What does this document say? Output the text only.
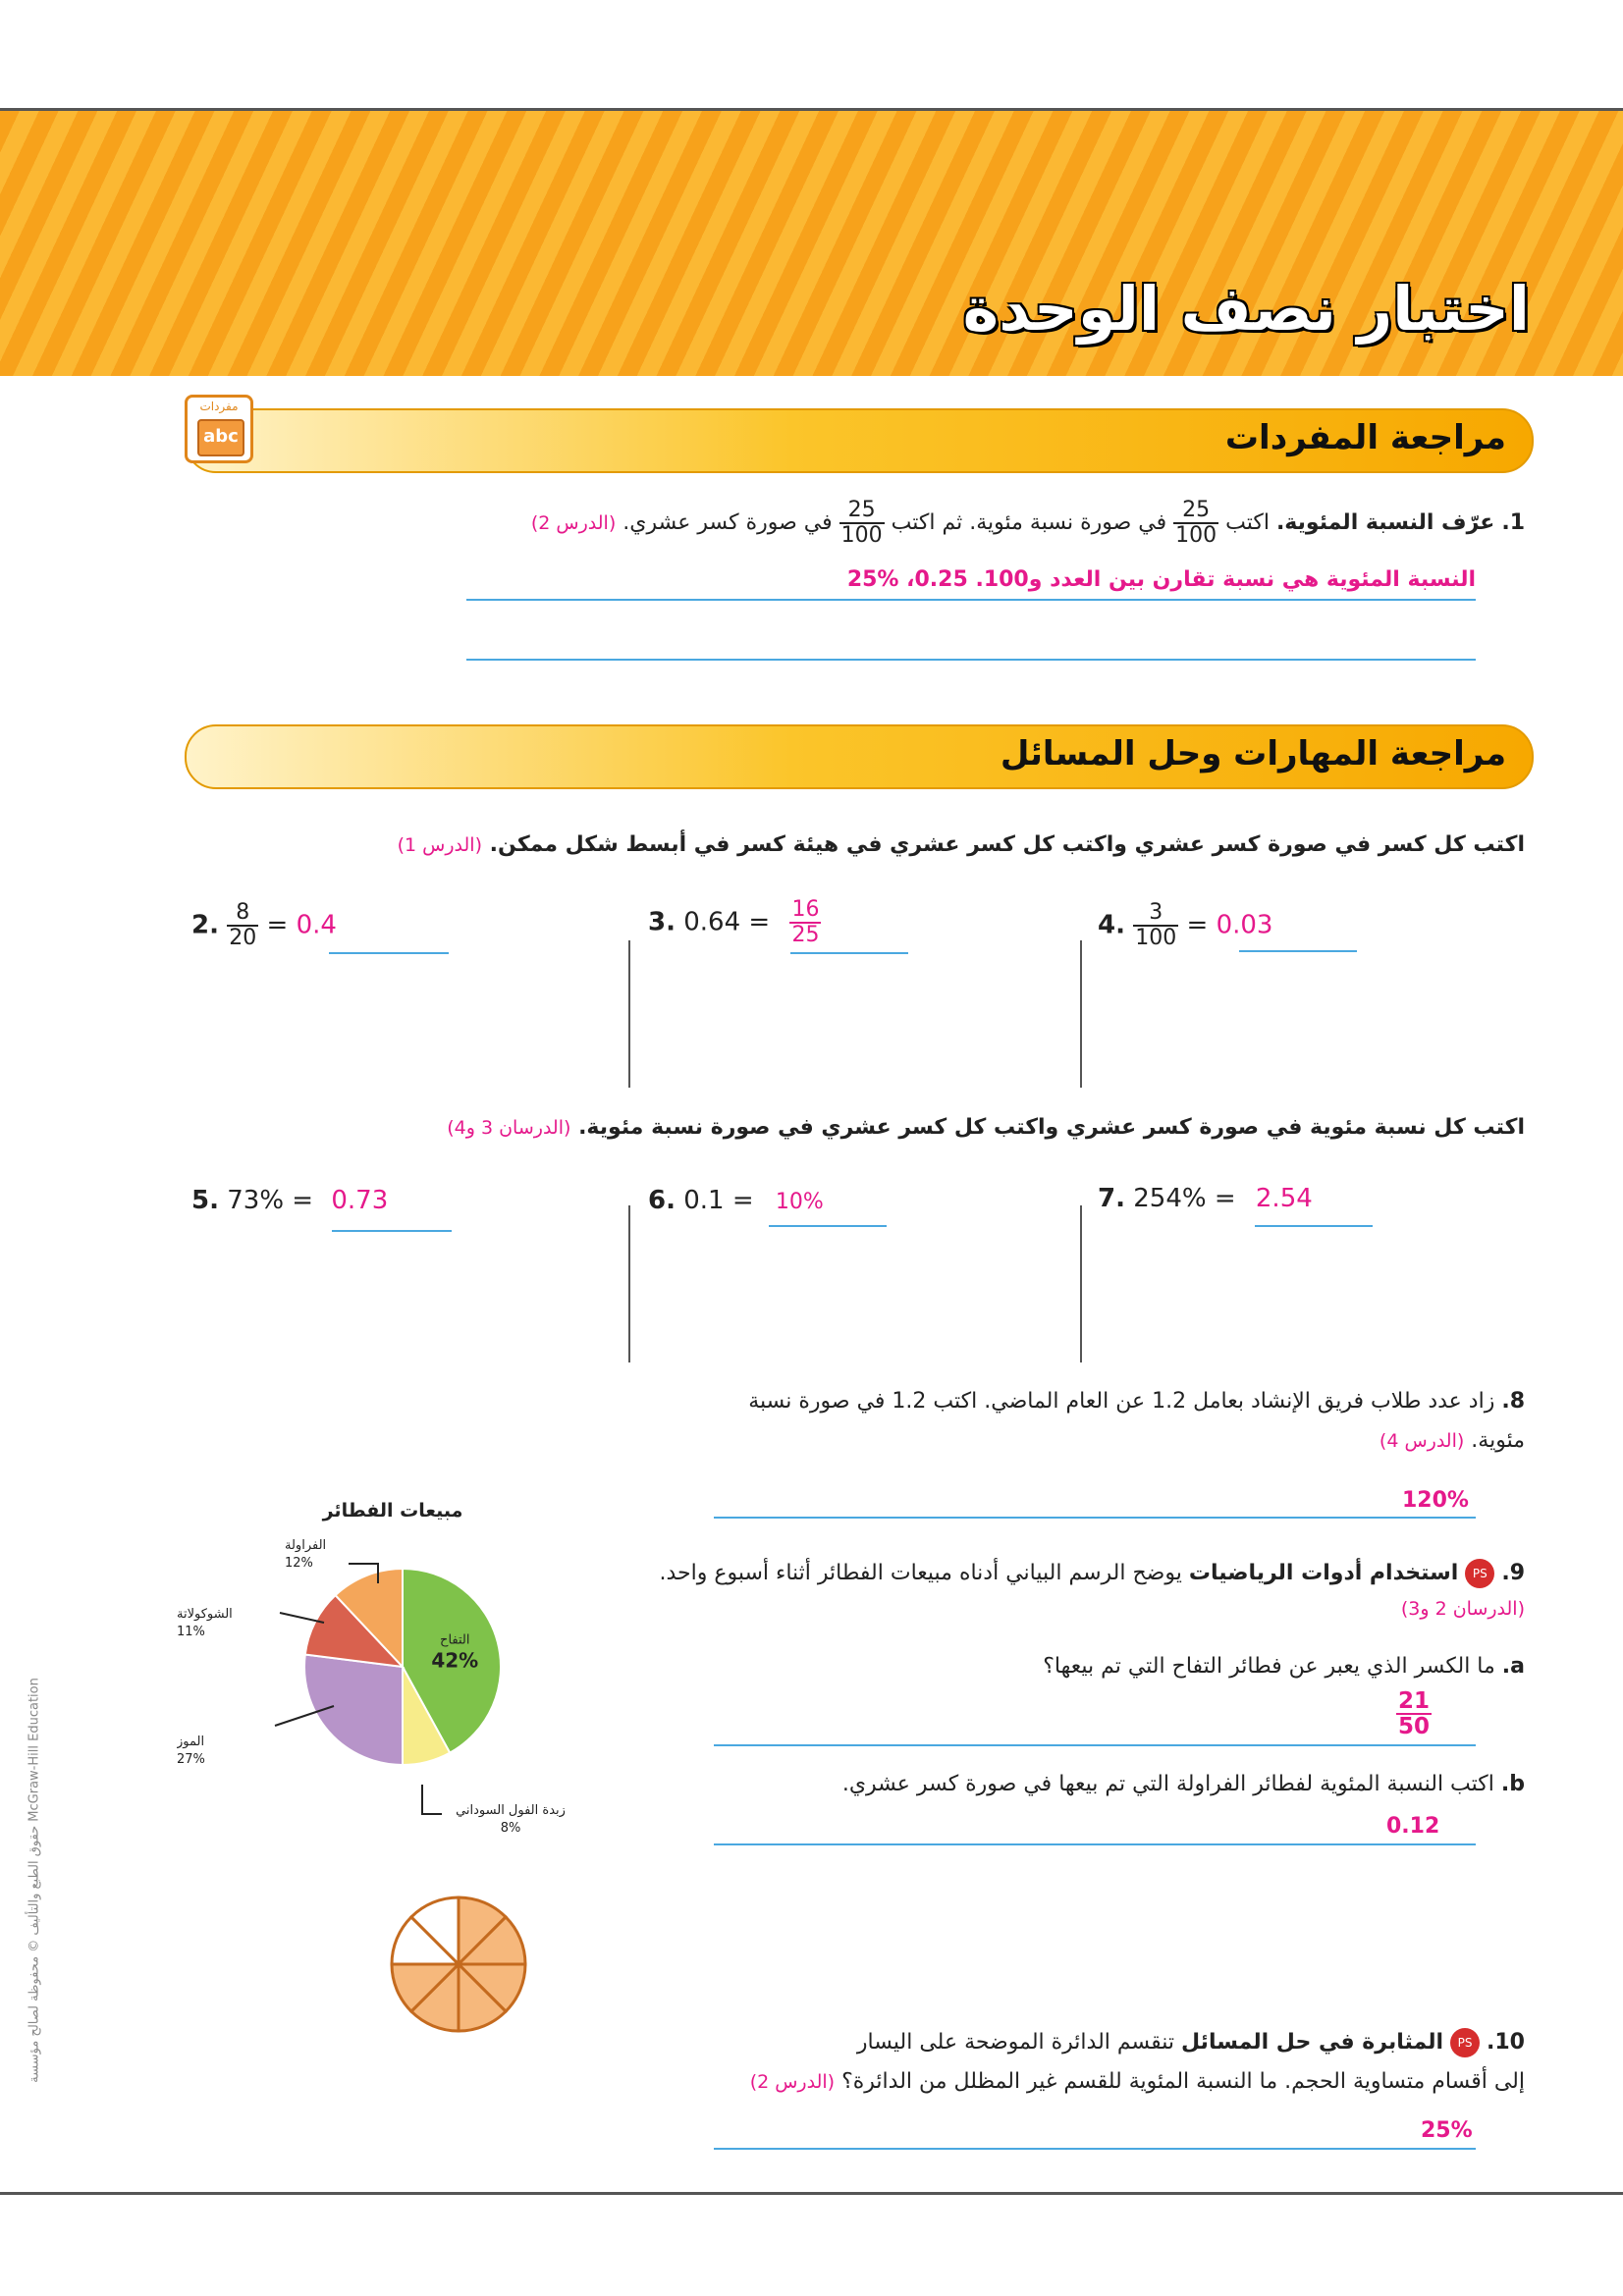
اختبار نصف الوحدة
مراجعة المفردات
مفردات
abc
1. عرّف النسبة المئوية. اكتب
$\frac{25}{100}$
في صورة نسبة مئوية. ثم اكتب
$\frac{25}{100}$
في صورة كسر عشري. (الدرس 2)
النسبة المئوية هي نسبة تقارن بين العدد و100. ‎25%‎ ،‎0.25‎
مراجعة المهارات وحل المسائل
اكتب كل كسر في صورة كسر عشري واكتب كل كسر عشري في هيئة كسر في أبسط شكل ممكن. (الدرس 1)
2. $\frac{8}{20} = 0.4$	3. $0.64 = \frac{16}{25}$	4. $\frac{3}{100} = 0.03$
اكتب كل نسبة مئوية في صورة كسر عشري واكتب كل كسر عشري في صورة نسبة مئوية. (الدرسان 3 و4)
5. 73% = 0.73	6. 0.1 = 10%	7. 254% = 2.54
8. زاد عدد طلاب فريق الإنشاد بعامل 1.2 عن العام الماضي. اكتب 1.2 في صورة نسبة
مئوية. (الدرس 4)
120%
مبيعات الفطائر
التفاح
42%
زبدة الفول السوداني
8%
الموز
27%
الشوكولاتة
11%
الفراولة
12%	9. PS استخدام أدوات الرياضيات يوضح الرسم البياني أدناه مبيعات الفطائر أثناء أسبوع واحد.
(الدرسان 2 و3)
a. ما الكسر الذي يعبر عن فطائر التفاح التي تم بيعها؟
$\frac{21}{50}$
b. اكتب النسبة المئوية لفطائر الفراولة التي تم بيعها في صورة كسر عشري.
0.12
10. PS المثابرة في حل المسائل تنقسم الدائرة الموضحة على اليسار
إلى أقسام متساوية الحجم. ما النسبة المئوية للقسم غير المظلل من الدائرة؟ (الدرس 2)
25%
حقوق الطبع والتأليف © محفوظة لصالح مؤسسة McGraw-Hill Education
